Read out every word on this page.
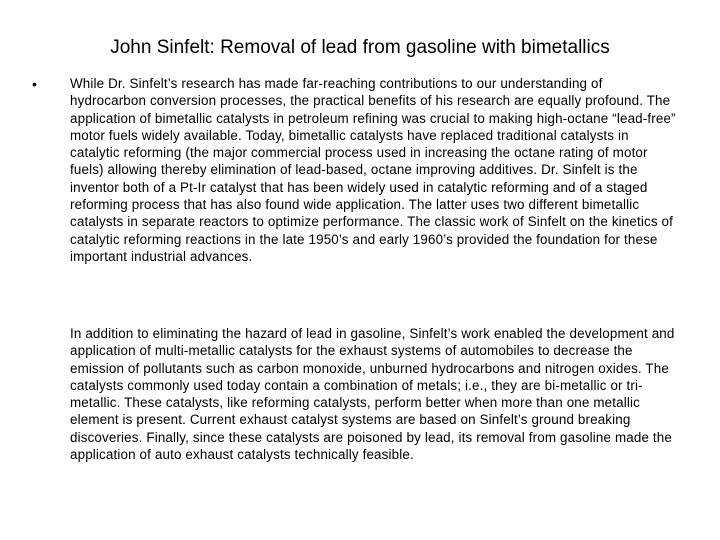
John Sinfelt: Removal of lead from gasoline with bimetallics
• While Dr. Sinfelt’s research has made far-reaching contributions to our understanding of hydrocarbon conversion processes, the practical benefits of his research are equally profound. The application of bimetallic catalysts in petroleum refining was crucial to making high-octane “lead-free” motor fuels widely available. Today, bimetallic catalysts have replaced traditional catalysts in catalytic reforming (the major commercial process used in increasing the octane rating of motor fuels) allowing thereby elimination of lead-based, octane improving additives. Dr. Sinfelt is the inventor both of a Pt-Ir catalyst that has been widely used in catalytic reforming and of a staged reforming process that has also found wide application. The latter uses two different bimetallic catalysts in separate reactors to optimize performance. The classic work of Sinfelt on the kinetics of catalytic reforming reactions in the late 1950’s and early 1960’s provided the foundation for these important industrial advances.

In addition to eliminating the hazard of lead in gasoline, Sinfelt’s work enabled the development and application of multi-metallic catalysts for the exhaust systems of automobiles to decrease the emission of pollutants such as carbon monoxide, unburned hydrocarbons and nitrogen oxides. The catalysts commonly used today contain a combination of metals; i.e., they are bi-metallic or tri-metallic. These catalysts, like reforming catalysts, perform better when more than one metallic element is present. Current exhaust catalyst systems are based on Sinfelt’s ground breaking discoveries. Finally, since these catalysts are poisoned by lead, its removal from gasoline made the application of auto exhaust catalysts technically feasible.
